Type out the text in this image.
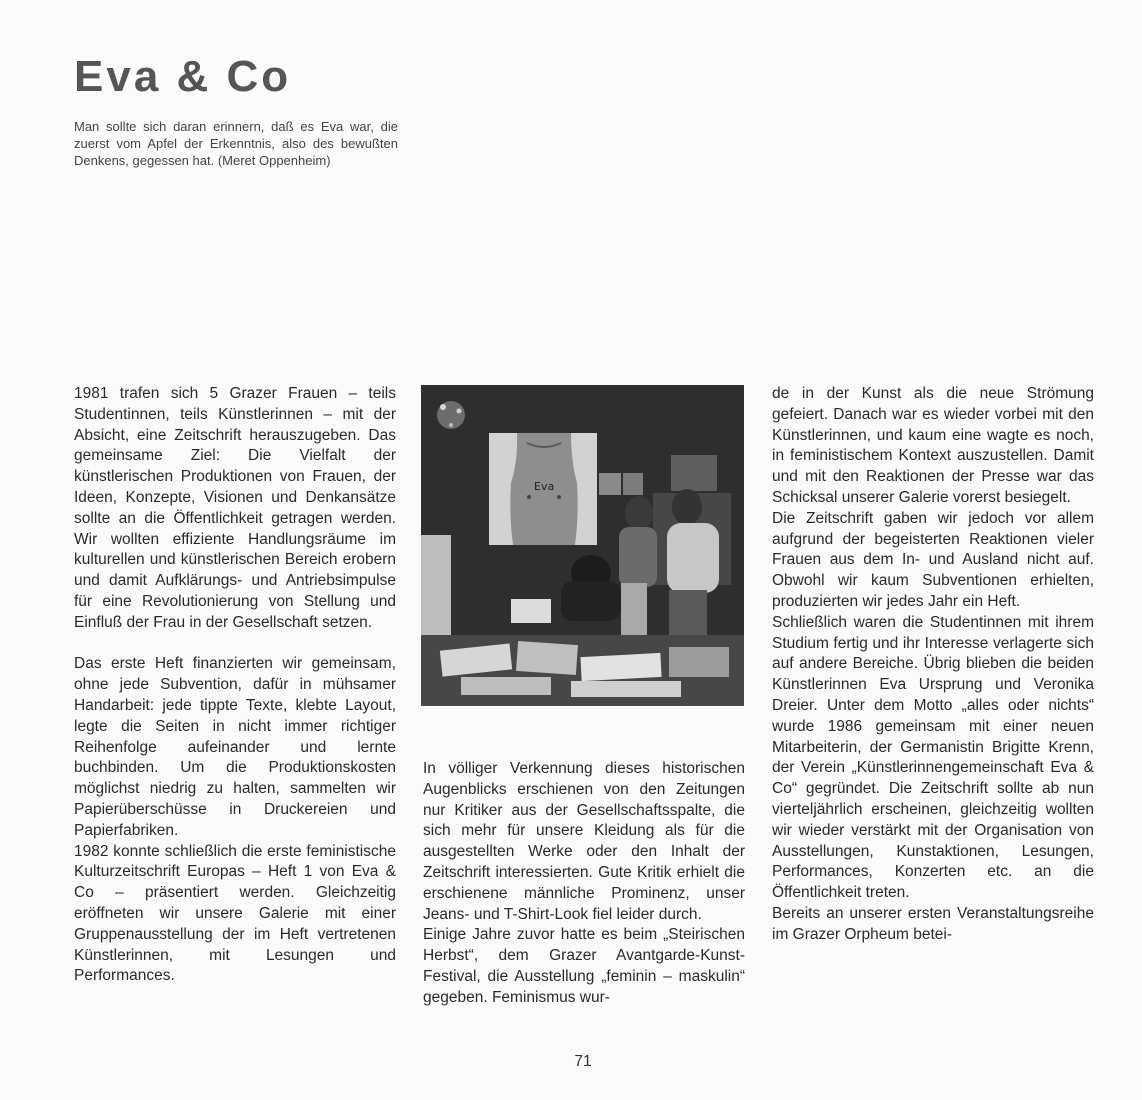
Eva & Co

Man sollte sich daran erinnern, daß es Eva war, die zuerst vom Apfel der Erkenntnis, also des bewußten Denkens, gegessen hat. (Meret Oppenheim)

1981 trafen sich 5 Grazer Frauen – teils Studentinnen, teils Künstlerinnen – mit der Absicht, eine Zeitschrift herauszugeben. Das gemeinsame Ziel: Die Vielfalt der künstlerischen Produktionen von Frauen, der Ideen, Konzepte, Visionen und Denkansätze sollte an die Öffentlichkeit getragen werden. Wir wollten effiziente Handlungsräume im kulturellen und künstlerischen Bereich erobern und damit Aufklärungs- und Antriebsimpulse für eine Revolutionierung von Stellung und Einfluß der Frau in der Gesellschaft setzen.

Das erste Heft finanzierten wir gemeinsam, ohne jede Subvention, dafür in mühsamer Handarbeit: jede tippte Texte, klebte Layout, legte die Seiten in nicht immer richtiger Reihenfolge aufeinander und lernte buchbinden. Um die Produktionskosten möglichst niedrig zu halten, sammelten wir Papierüberschüsse in Druckereien und Papierfabriken.

1982 konnte schließlich die erste feministische Kulturzeitschrift Europas – Heft 1 von Eva & Co – präsentiert werden. Gleichzeitig eröffneten wir unsere Galerie mit einer Gruppenausstellung der im Heft vertretenen Künstlerinnen, mit Lesungen und Performances.

Eva

In völliger Verkennung dieses historischen Augenblicks erschienen von den Zeitungen nur Kritiker aus der Gesellschaftsspalte, die sich mehr für unsere Kleidung als für die ausgestellten Werke oder den Inhalt der Zeitschrift interessierten. Gute Kritik erhielt die erschienene männliche Prominenz, unser Jeans- und T-Shirt-Look fiel leider durch.

Einige Jahre zuvor hatte es beim „Steirischen Herbst“, dem Grazer Avantgarde-Kunst-Festival, die Ausstellung „feminin – maskulin“ gegeben. Feminismus wur-

de in der Kunst als die neue Strömung gefeiert. Danach war es wieder vorbei mit den Künstlerinnen, und kaum eine wagte es noch, in feministischem Kontext auszustellen. Damit und mit den Reaktionen der Presse war das Schicksal unserer Galerie vorerst besiegelt.

Die Zeitschrift gaben wir jedoch vor allem aufgrund der begeisterten Reaktionen vieler Frauen aus dem In- und Ausland nicht auf. Obwohl wir kaum Subventionen erhielten, produzierten wir jedes Jahr ein Heft.

Schließlich waren die Studentinnen mit ihrem Studium fertig und ihr Interesse verlagerte sich auf andere Bereiche. Übrig blieben die beiden Künstlerinnen Eva Ursprung und Veronika Dreier. Unter dem Motto „alles oder nichts“ wurde 1986 gemeinsam mit einer neuen Mitarbeiterin, der Germanistin Brigitte Krenn, der Verein „Künstlerinnengemeinschaft Eva & Co“ gegründet. Die Zeitschrift sollte ab nun vierteljährlich erscheinen, gleichzeitig wollten wir wieder verstärkt mit der Organisation von Ausstellungen, Kunstaktionen, Lesungen, Performances, Konzerten etc. an die Öffentlichkeit treten.

Bereits an unserer ersten Veranstaltungsreihe im Grazer Orpheum betei-

71
